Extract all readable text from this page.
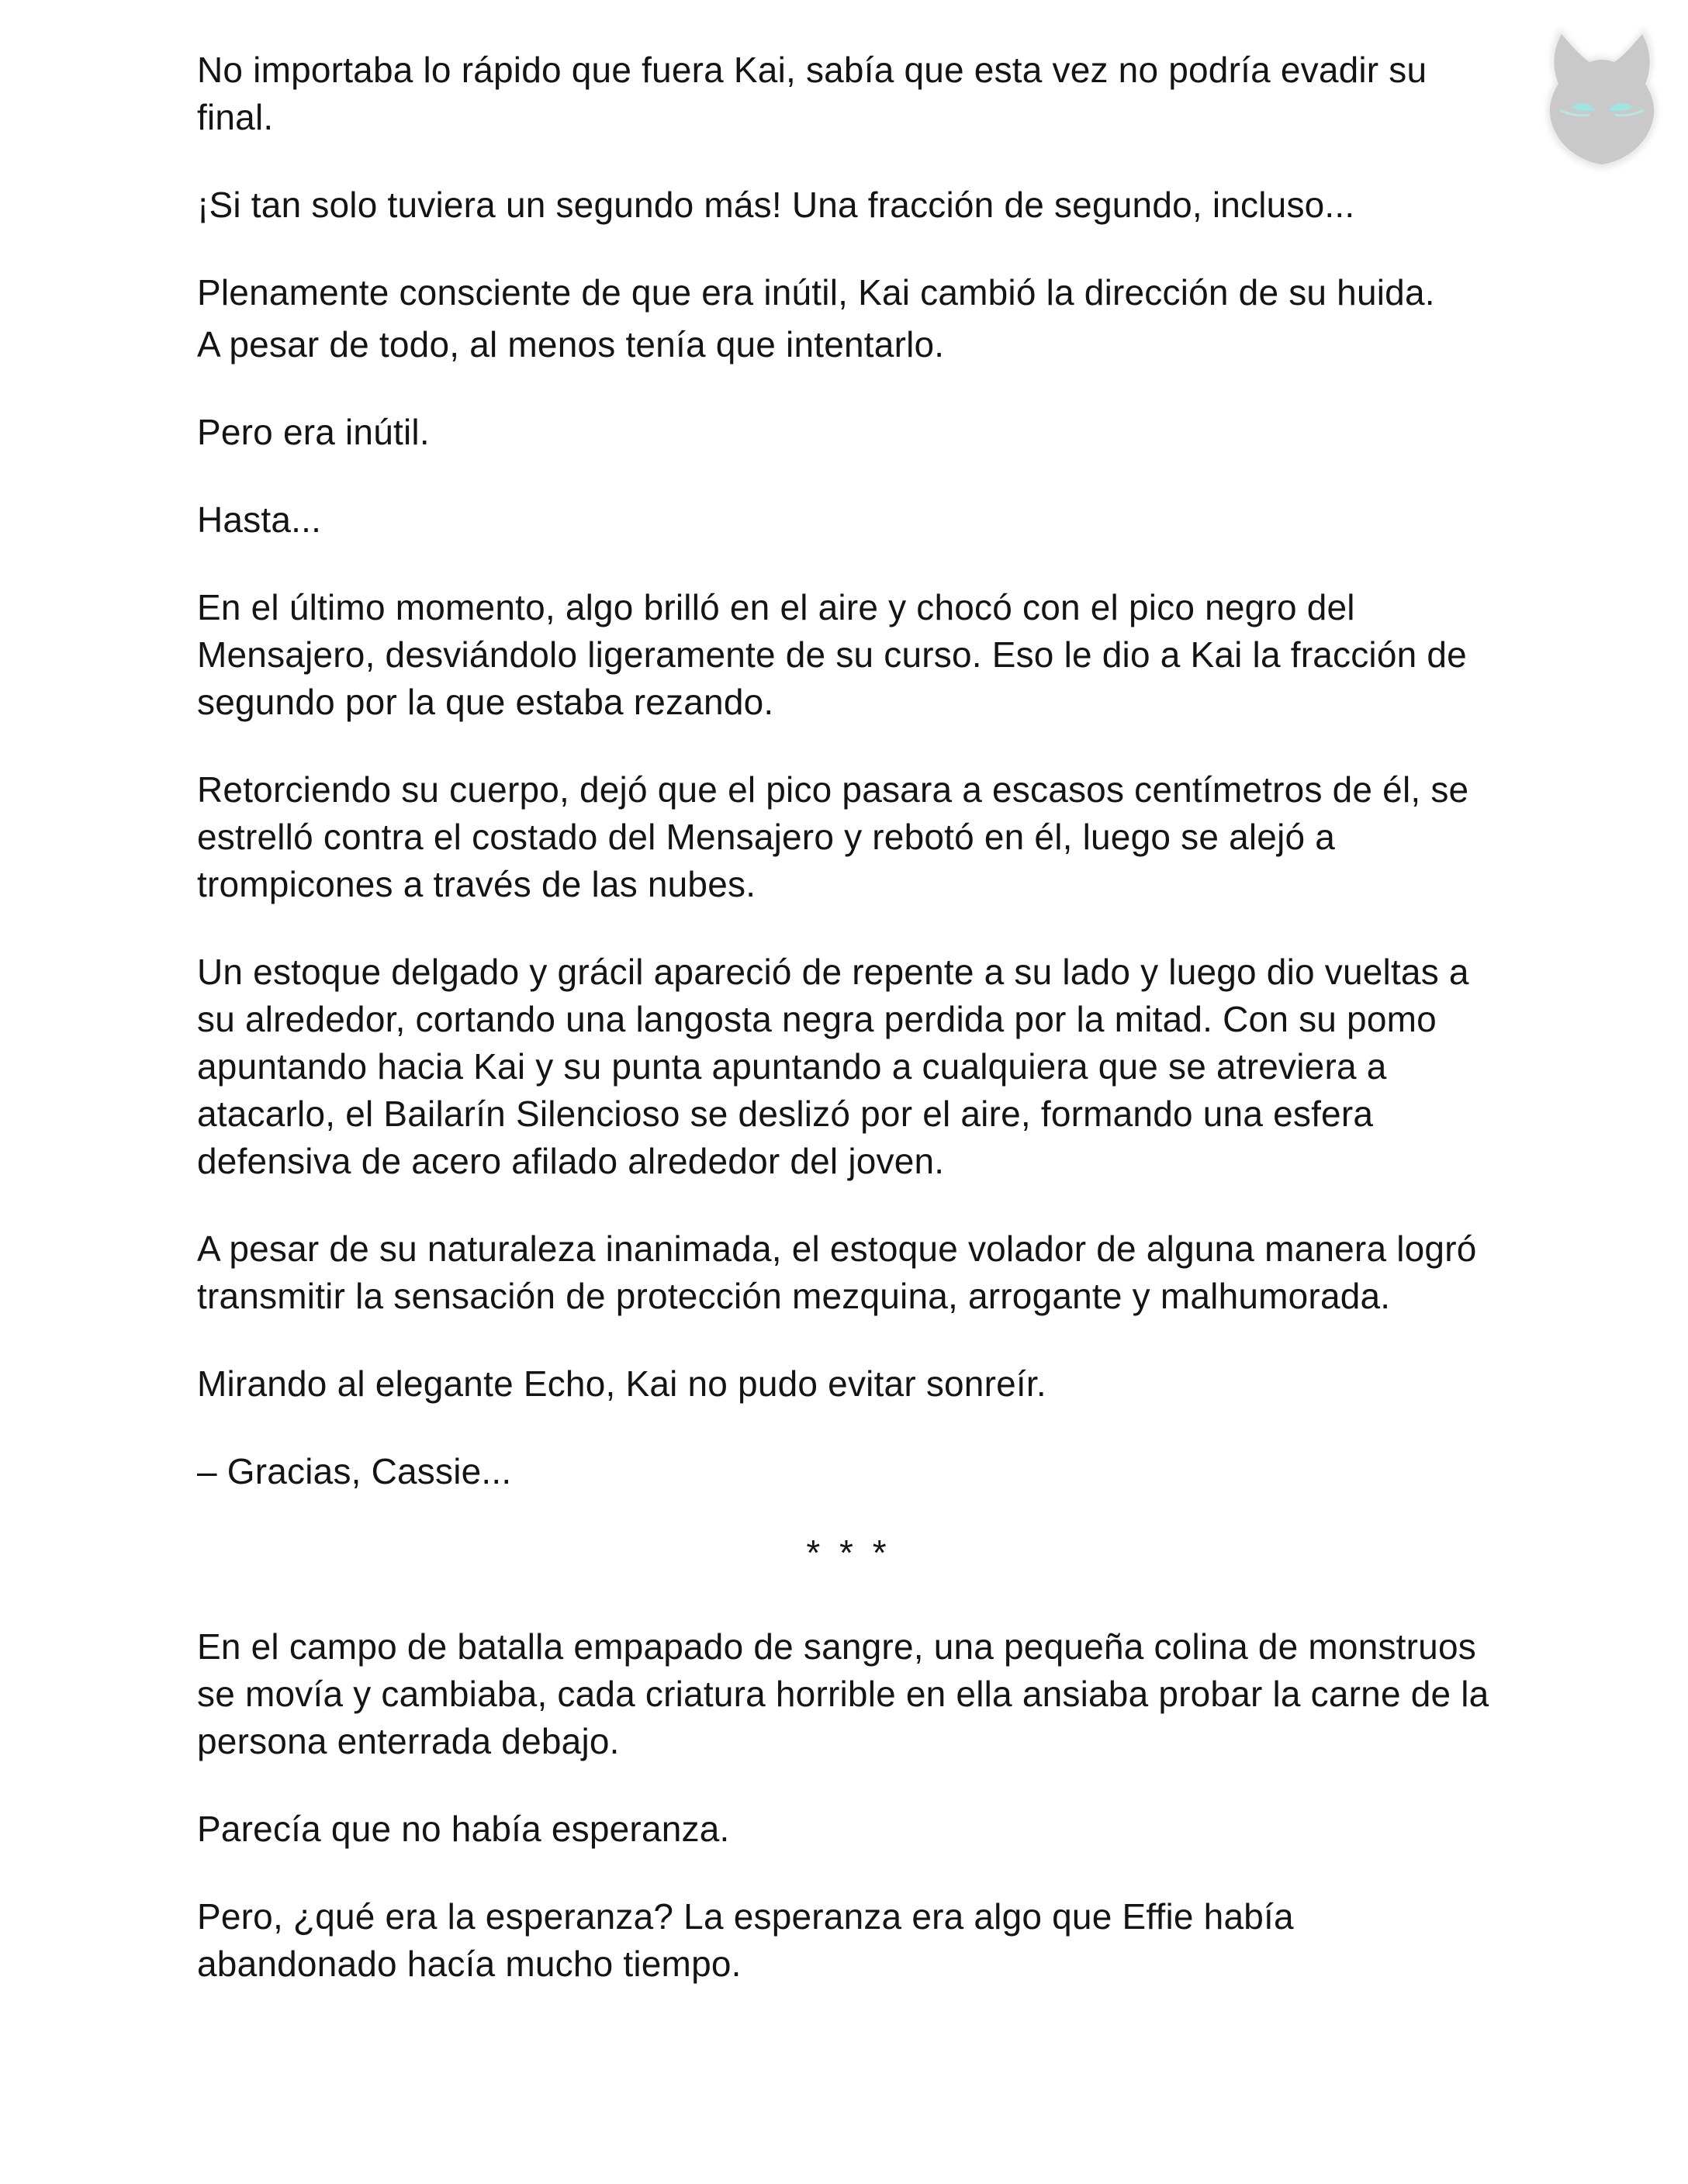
No importaba lo rápido que fuera Kai, sabía que esta vez no podría evadir su final.

¡Si tan solo tuviera un segundo más! Una fracción de segundo, incluso...

Plenamente consciente de que era inútil, Kai cambió la dirección de su huida.

A pesar de todo, al menos tenía que intentarlo.

Pero era inútil.

Hasta...

En el último momento, algo brilló en el aire y chocó con el pico negro del Mensajero, desviándolo ligeramente de su curso. Eso le dio a Kai la fracción de segundo por la que estaba rezando.

Retorciendo su cuerpo, dejó que el pico pasara a escasos centímetros de él, se estrelló contra el costado del Mensajero y rebotó en él, luego se alejó a trompicones a través de las nubes.

Un estoque delgado y grácil apareció de repente a su lado y luego dio vueltas a su alrededor, cortando una langosta negra perdida por la mitad. Con su pomo apuntando hacia Kai y su punta apuntando a cualquiera que se atreviera a atacarlo, el Bailarín Silencioso se deslizó por el aire, formando una esfera defensiva de acero afilado alrededor del joven.

A pesar de su naturaleza inanimada, el estoque volador de alguna manera logró transmitir la sensación de protección mezquina, arrogante y malhumorada.

Mirando al elegante Echo, Kai no pudo evitar sonreír.

– Gracias, Cassie...

* * *

En el campo de batalla empapado de sangre, una pequeña colina de monstruos se movía y cambiaba, cada criatura horrible en ella ansiaba probar la carne de la persona enterrada debajo.

Parecía que no había esperanza.

Pero, ¿qué era la esperanza? La esperanza era algo que Effie había abandonado hacía mucho tiempo.
